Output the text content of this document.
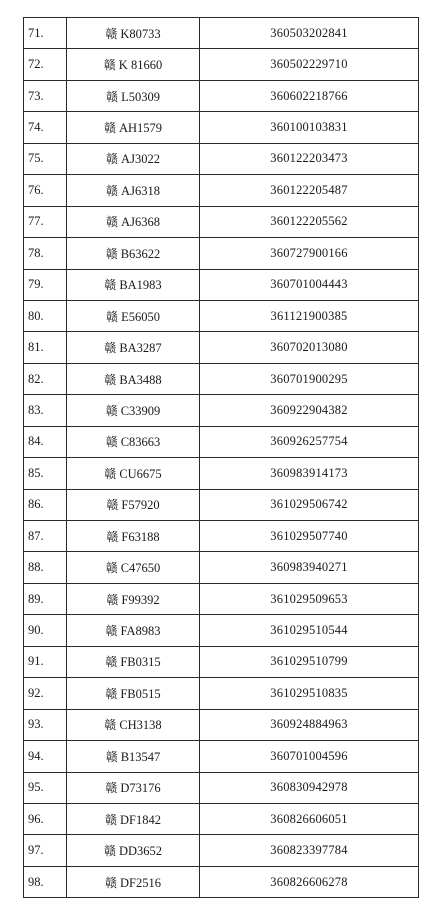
71.	赣 K80733	360503202841
72.	赣 K 81660	360502229710
73.	赣 L50309	360602218766
74.	赣 AH1579	360100103831
75.	赣 AJ3022	360122203473
76.	赣 AJ6318	360122205487
77.	赣 AJ6368	360122205562
78.	赣 B63622	360727900166
79.	赣 BA1983	360701004443
80.	赣 E56050	361121900385
81.	赣 BA3287	360702013080
82.	赣 BA3488	360701900295
83.	赣 C33909	360922904382
84.	赣 C83663	360926257754
85.	赣 CU6675	360983914173
86.	赣 F57920	361029506742
87.	赣 F63188	361029507740
88.	赣 C47650	360983940271
89.	赣 F99392	361029509653
90.	赣 FA8983	361029510544
91.	赣 FB0315	361029510799
92.	赣 FB0515	361029510835
93.	赣 CH3138	360924884963
94.	赣 B13547	360701004596
95.	赣 D73176	360830942978
96.	赣 DF1842	360826606051
97.	赣 DD3652	360823397784
98.	赣 DF2516	360826606278
